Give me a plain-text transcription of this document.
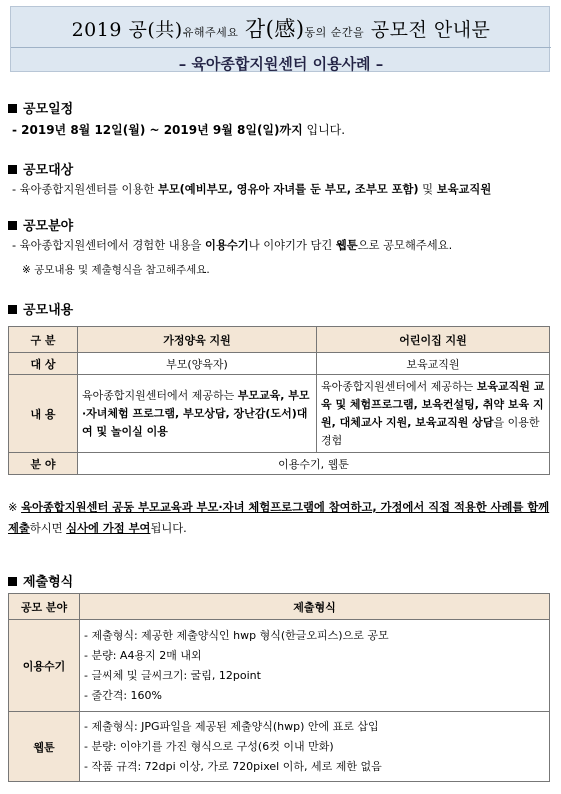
2019 공(共)유해주세요 감(感)동의 순간을 공모전 안내문
– 육아종합지원센터 이용사례 –
공모일정
- 2019년 8월 12일(월) ~ 2019년 9월 8일(일)까지 입니다.
공모대상
- 육아종합지원센터를 이용한 부모(예비부모, 영유아 자녀를 둔 부모, 조부모 포함) 및 보육교직원
공모분야
- 육아종합지원센터에서 경험한 내용을 이용수기나 이야기가 담긴 웹툰으로 공모해주세요.
※ 공모내용 및 제출형식을 참고해주세요.
공모내용
구 분	가정양육 지원	어린이집 지원
대 상	부모(양육자)	보육교직원
내 용	육아종합지원센터에서 제공하는 부모교육, 부모·자녀체험 프로그램, 부모상담, 장난감(도서)대여 및 놀이실 이용	육아종합지원센터에서 제공하는 보육교직원 교육 및 체험프로그램, 보육컨설팅, 취약 보육 지원, 대체교사 지원, 보육교직원 상담을 이용한 경험
분 야	이용수기, 웹툰	
※ 육아종합지원센터 공동 부모교육과 부모·자녀 체험프로그램에 참여하고, 가정에서 직접 적용한 사례를 함께 제출하시면 심사에 가점 부여됩니다.
제출형식
공모 분야	제출형식
이용수기	- 제출형식: 제공한 제출양식인 hwp 형식(한글오피스)으로 공모
- 분량: A4용지 2매 내외
- 글씨체 및 글씨크기: 굴림, 12point
- 줄간격: 160%

웹툰	- 제출형식: JPG파일을 제공된 제출양식(hwp) 안에 표로 삽입
- 분량: 이야기를 가진 형식으로 구성(6컷 이내 만화)
- 작품 규격: 72dpi 이상, 가로 720pixel 이하, 세로 제한 없음
